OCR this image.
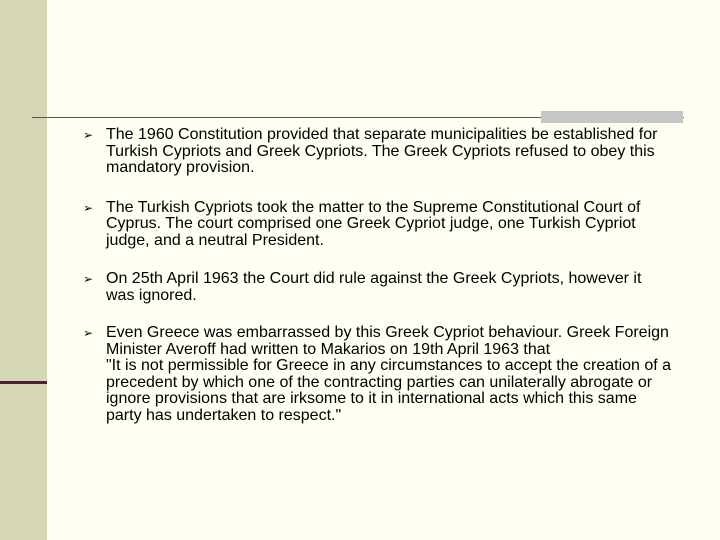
➢ The 1960 Constitution provided that separate municipalities be established for Turkish Cypriots and Greek Cypriots. The Greek Cypriots refused to obey this mandatory provision.

➢ The Turkish Cypriots took the matter to the Supreme Constitutional Court of Cyprus. The court comprised one Greek Cypriot judge, one Turkish Cypriot judge, and a neutral President.

➢ On 25th April 1963 the Court did rule against the Greek Cypriots, however it was ignored.

➢ Even Greece was embarrassed by this Greek Cypriot behaviour. Greek Foreign Minister Averoff had written to Makarios on 19th April 1963 that

"It is not permissible for Greece in any circumstances to accept the creation of a precedent by which one of the contracting parties can unilaterally abrogate or ignore provisions that are irksome to it in international acts which this same party has undertaken to respect."
